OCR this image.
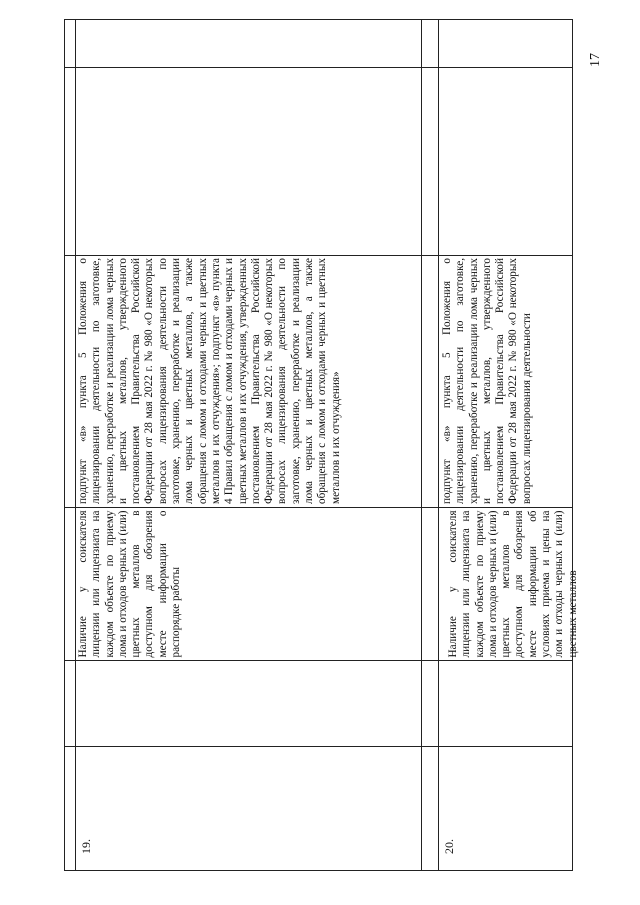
17
19.
Наличие у соискателя лицензии или лицензиата на каждом объекте по приему лома и отходов черных и (или) цветных металлов в доступном для обозрения месте информации о распорядке работы
подпункт «в» пункта 5 Положения о лицензировании деятельности по заготовке, хранению, переработке и реализации лома черных и цветных металлов, утвержденного постановлением Правительства Российской Федерации от 28 мая 2022 г. № 980 «О некоторых вопросах лицензирования деятельности по заготовке, хранению, переработке и реализации лома черных и цветных металлов, а также обращения с ломом и отходами черных и цветных металлов и их отчуждения»; подпункт «в» пункта 4 Правил обращения с ломом и отходами черных и цветных металлов и их отчуждения, утвержденных постановлением Правительства Российской Федерации от 28 мая 2022 г. № 980 «О некоторых вопросах лицензирования деятельности по заготовке, хранению, переработке и реализации лома черных и цветных металлов, а также обращения с ломом и отходами черных и цветных металлов и их отчуждения»
20.
Наличие у соискателя лицензии или лицензиата на каждом объекте по приему лома и отходов черных и (или) цветных металлов в доступном для обозрения месте информации об условиях приема и цены на лом и отходы черных и (или) цветных металлов
подпункт «в» пункта 5 Положения о лицензировании деятельности по заготовке, хранению, переработке и реализации лома черных и цветных металлов, утвержденного постановлением Правительства Российской Федерации от 28 мая 2022 г. № 980 «О некоторых вопросах лицензирования деятельности
